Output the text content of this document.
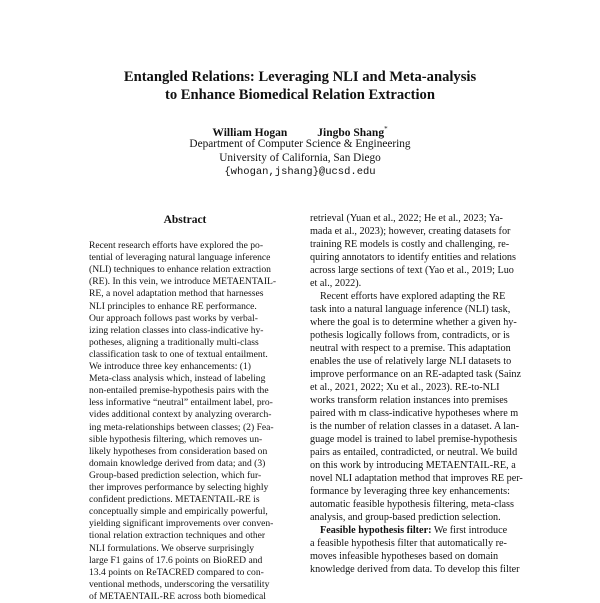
Entangled Relations: Leveraging NLI and Meta-analysis
to Enhance Biomedical Relation Extraction
William Hogan	Jingbo Shang*
Department of Computer Science & Engineering
University of California, San Diego
{whogan,jshang}@ucsd.edu
Abstract
Recent research efforts have explored the po-
tential of leveraging natural language inference
(NLI) techniques to enhance relation extraction
(RE). In this vein, we introduce METAENTAIL-
RE, a novel adaptation method that harnesses
NLI principles to enhance RE performance.
Our approach follows past works by verbal-
izing relation classes into class-indicative hy-
potheses, aligning a traditionally multi-class
classification task to one of textual entailment.
We introduce three key enhancements: (1)
Meta-class analysis which, instead of labeling
non-entailed premise-hypothesis pairs with the
less informative “neutral” entailment label, pro-
vides additional context by analyzing overarch-
ing meta-relationships between classes; (2) Fea-
sible hypothesis filtering, which removes un-
likely hypotheses from consideration based on
domain knowledge derived from data; and (3)
Group-based prediction selection, which fur-
ther improves performance by selecting highly
confident predictions. METAENTAIL-RE is
conceptually simple and empirically powerful,
yielding significant improvements over conven-
tional relation extraction techniques and other
NLI formulations. We observe surprisingly
large F1 gains of 17.6 points on BioRED and
13.4 points on ReTACRED compared to con-
ventional methods, underscoring the versatility
of METAENTAIL-RE across both biomedical
retrieval (Yuan et al., 2022; He et al., 2023; Ya-
mada et al., 2023); however, creating datasets for
training RE models is costly and challenging, re-
quiring annotators to identify entities and relations
across large sections of text (Yao et al., 2019; Luo
et al., 2022).
Recent efforts have explored adapting the RE
task into a natural language inference (NLI) task,
where the goal is to determine whether a given hy-
pothesis logically follows from, contradicts, or is
neutral with respect to a premise. This adaptation
enables the use of relatively large NLI datasets to
improve performance on an RE-adapted task (Sainz
et al., 2021, 2022; Xu et al., 2023). RE-to-NLI
works transform relation instances into premises
paired with m class-indicative hypotheses where m
is the number of relation classes in a dataset. A lan-
guage model is trained to label premise-hypothesis
pairs as entailed, contradicted, or neutral. We build
on this work by introducing METAENTAIL-RE, a
novel NLI adaptation method that improves RE per-
formance by leveraging three key enhancements:
automatic feasible hypothesis filtering, meta-class
analysis, and group-based prediction selection.
Feasible hypothesis filter: We first introduce
a feasible hypothesis filter that automatically re-
moves infeasible hypotheses based on domain
knowledge derived from data. To develop this filter
